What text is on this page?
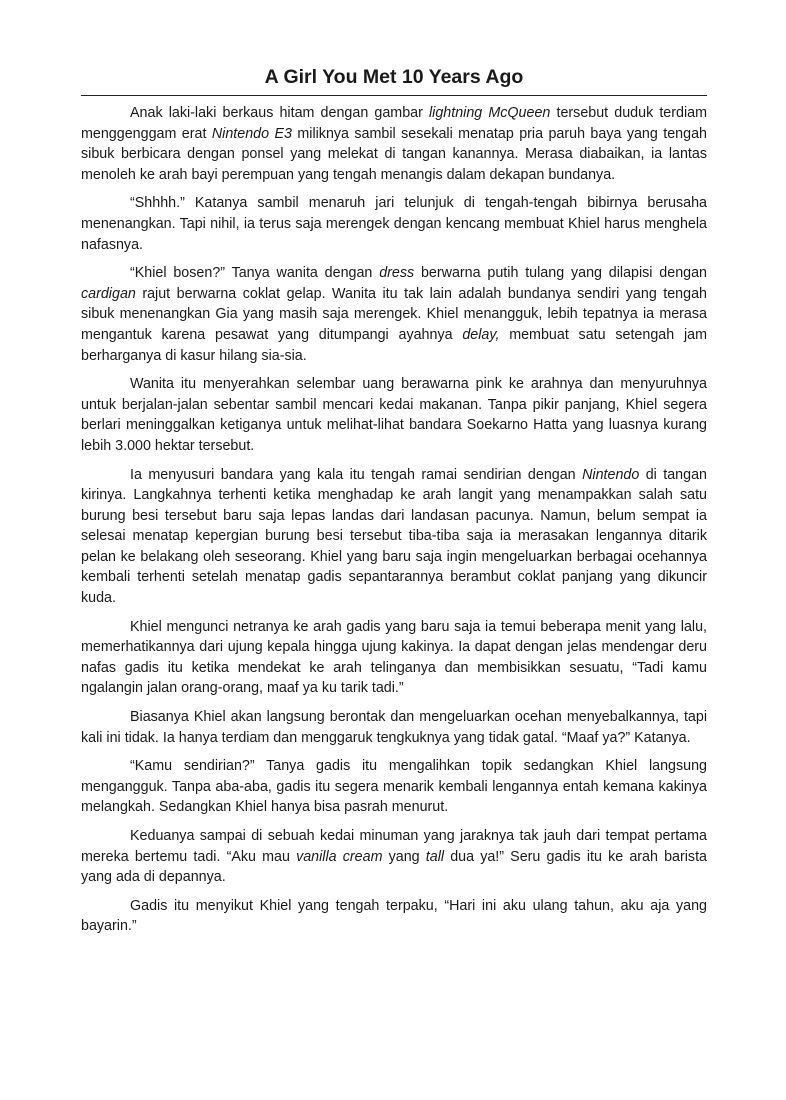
A Girl You Met 10 Years Ago

Anak laki-laki berkaus hitam dengan gambar lightning McQueen tersebut duduk terdiam menggenggam erat Nintendo E3 miliknya sambil sesekali menatap pria paruh baya yang tengah sibuk berbicara dengan ponsel yang melekat di tangan kanannya. Merasa diabaikan, ia lantas menoleh ke arah bayi perempuan yang tengah menangis dalam dekapan bundanya.

“Shhhh.” Katanya sambil menaruh jari telunjuk di tengah-tengah bibirnya berusaha menenangkan. Tapi nihil, ia terus saja merengek dengan kencang membuat Khiel harus menghela nafasnya.

“Khiel bosen?” Tanya wanita dengan dress berwarna putih tulang yang dilapisi dengan cardigan rajut berwarna coklat gelap. Wanita itu tak lain adalah bundanya sendiri yang tengah sibuk menenangkan Gia yang masih saja merengek. Khiel menangguk, lebih tepatnya ia merasa mengantuk karena pesawat yang ditumpangi ayahnya delay, membuat satu setengah jam berharganya di kasur hilang sia-sia.

Wanita itu menyerahkan selembar uang berawarna pink ke arahnya dan menyuruhnya untuk berjalan-jalan sebentar sambil mencari kedai makanan. Tanpa pikir panjang, Khiel segera berlari meninggalkan ketiganya untuk melihat-lihat bandara Soekarno Hatta yang luasnya kurang lebih 3.000 hektar tersebut.

Ia menyusuri bandara yang kala itu tengah ramai sendirian dengan Nintendo di tangan kirinya. Langkahnya terhenti ketika menghadap ke arah langit yang menampakkan salah satu burung besi tersebut baru saja lepas landas dari landasan pacunya. Namun, belum sempat ia selesai menatap kepergian burung besi tersebut tiba-tiba saja ia merasakan lengannya ditarik pelan ke belakang oleh seseorang. Khiel yang baru saja ingin mengeluarkan berbagai ocehannya kembali terhenti setelah menatap gadis sepantarannya berambut coklat panjang yang dikuncir kuda.

Khiel mengunci netranya ke arah gadis yang baru saja ia temui beberapa menit yang lalu, memerhatikannya dari ujung kepala hingga ujung kakinya. Ia dapat dengan jelas mendengar deru nafas gadis itu ketika mendekat ke arah telinganya dan membisikkan sesuatu, “Tadi kamu ngalangin jalan orang-orang, maaf ya ku tarik tadi.”

Biasanya Khiel akan langsung berontak dan mengeluarkan ocehan menyebalkannya, tapi kali ini tidak. Ia hanya terdiam dan menggaruk tengkuknya yang tidak gatal. “Maaf ya?” Katanya.

“Kamu sendirian?” Tanya gadis itu mengalihkan topik sedangkan Khiel langsung mengangguk. Tanpa aba-aba, gadis itu segera menarik kembali lengannya entah kemana kakinya melangkah. Sedangkan Khiel hanya bisa pasrah menurut.

Keduanya sampai di sebuah kedai minuman yang jaraknya tak jauh dari tempat pertama mereka bertemu tadi. “Aku mau vanilla cream yang tall dua ya!” Seru gadis itu ke arah barista yang ada di depannya.

Gadis itu menyikut Khiel yang tengah terpaku, “Hari ini aku ulang tahun, aku aja yang bayarin.”
